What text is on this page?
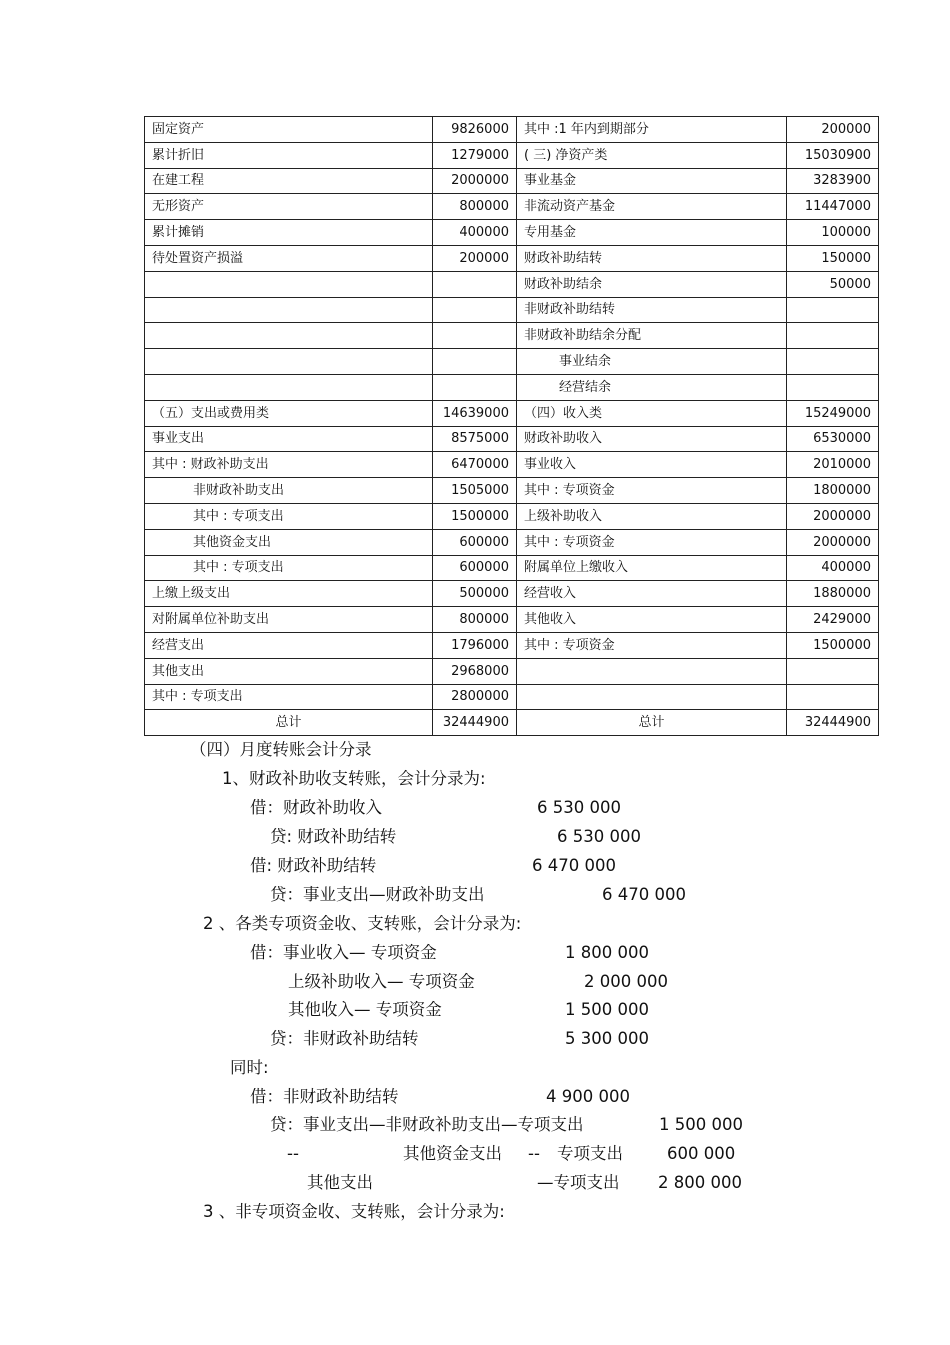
固定资产	9826000	其中 :1 年内到期部分	200000
累计折旧	1279000	( 三) 净资产类	15030900
在建工程	2000000	事业基金	3283900
无形资产	800000	非流动资产基金	11447000
累计摊销	400000	专用基金	100000
待处置资产损溢	200000	财政补助结转	150000
		财政补助结余	50000
		非财政补助结转	
		非财政补助结余分配	
		事业结余	
		经营结余	
（五）支出或费用类	14639000	（四）收入类	15249000
事业支出	8575000	财政补助收入	6530000
其中 : 财政补助支出	6470000	事业收入	2010000
非财政补助支出	1505000	其中 : 专项资金	1800000
其中 : 专项支出	1500000	上级补助收入	2000000
其他资金支出	600000	其中 : 专项资金	2000000
其中 : 专项支出	600000	附属单位上缴收入	400000
上缴上级支出	500000	经营收入	1880000
对附属单位补助支出	800000	其他收入	2429000
经营支出	1796000	其中 : 专项资金	1500000
其他支出	2968000		
其中 : 专项支出	2800000		
总计	32444900	总计	32444900
（四）月度转账会计分录
1、财政补助收支转账，会计分录为:
借：财政补助收入	6 530 000
贷: 财政补助结转	6 530 000
借: 财政补助结转	6 470 000
贷：事业支出—财政补助支出	6 470 000
2 、各类专项资金收、支转账，会计分录为:
借：事业收入— 专项资金	1 800 000
上级补助收入— 专项资金	2 000 000
其他收入— 专项资金	1 500 000
贷：非财政补助结转	5 300 000
同时:
借：非财政补助结转	4 900 000
贷：事业支出—非财政补助支出—专项支出	1 500 000
--	其他资金支出 -- 专项支出	600 000
其他支出	—专项支出 2 800 000
3 、非专项资金收、支转账，会计分录为:
